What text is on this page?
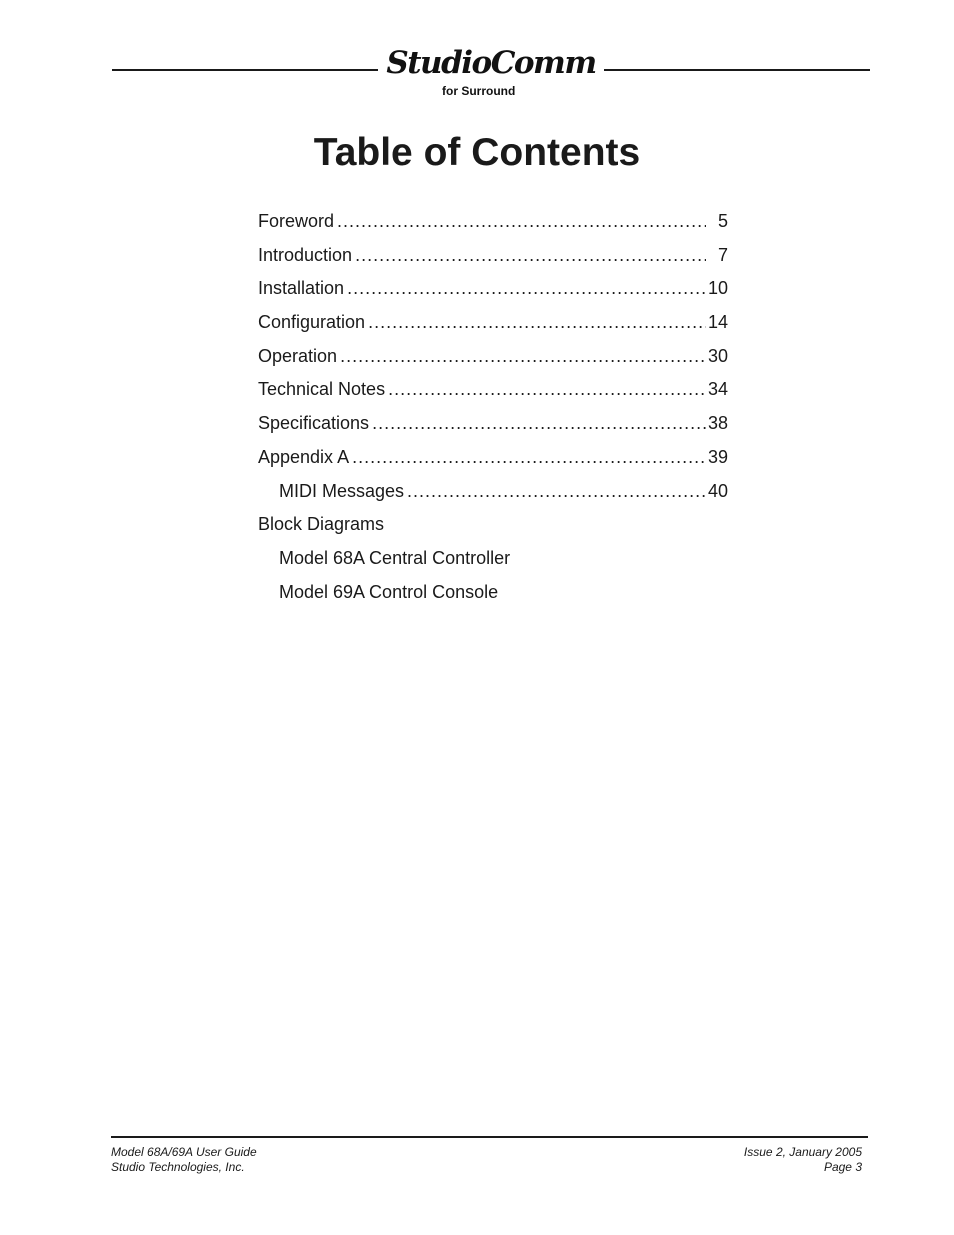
StudioComm
for Surround
Table of Contents
Foreword .....	5
Introduction .....	7
Installation .....	10
Configuration .....	14
Operation .....	30
Technical Notes .....	34
Specifications .....	38
Appendix A .....	39
MIDI Messages .....	40
Block Diagrams
Model 68A Central Controller
Model 69A Control Console
Model 68A/69A User Guide
Studio Technologies, Inc.
Issue 2, January 2005
Page 3
